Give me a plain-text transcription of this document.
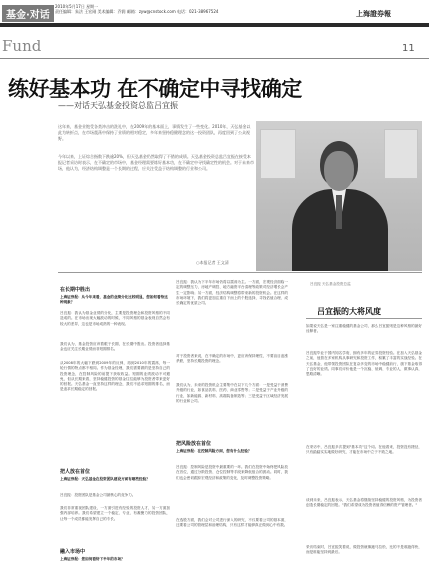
基金·对话
2010年5月17日 星期一
责任编辑：朱法 王宏刚 美术编辑：乔润 邮箱：zyw@cnstock.com 电话：021-38967524	上海證券報
Fund	11
练好基本功 在不确定中寻找确定
——对话天弘基金投资总监吕宜振
这年来，基金业饱受各类冲击的洗礼中，在2009年的基本面上，事情发生了一些变化。2010年，天弘基金以此为转折点，在市场震荡中保持了业绩的相对稳定，多年来坚持稳健理念的这一投资团队，再度回到了公众视野。
今年以来，上证综合指数下跌逾20%，但天弘基金仍然取得了不错的成绩。天弘基金投资总监吕宜振在接受本报记者采访时表示，在不确定的市场中，基金经理需要练好基本功，在不确定中寻找确定性的机会。对于未来市场，他认为，经济结构调整是一个长期的过程，应关注受益于结构调整的行业和公司。
○本报记者 王文清
在长期中胜出
上海证券报：从今年来看，基金的业绩分化比较明显，您如何看待这种现象？
吕宜振：我认为基金业绩的分化，主要是投资理念和投资风格的不同造成的。在市场出现大幅波动的时候，不同风格的基金表现自然会有较大的差异，这也是市场成熟的一种表现。
我们认为，基金投资应该着眼于长期，在长期中胜出。投资者选择基金也应关注长期业绩而非短期排名。
从2008年的大幅下跌到2009年的反弹，再到2010年的震荡，每一轮行情的特点都不相同。作为基金经理，我们需要做的是坚持自己的投资理念，在控制风险的前提下获取收益。短期的业绩波动不可避免，但从长期来看，坚持稳健投资的基金往往能够为投资者带来更好的回报。天弘基金一直坚持这样的理念，我们不追求短期的排名，而是追求长期稳定的回报。
把人放在首位
上海证券报：天弘基金在投资团队建设方面有哪些经验？
吕宜振：投资团队是基金公司最核心的竞争力。
我们非常重视团队建设，一方面引进有经验的投资人才，另一方面加强内部培养。我们希望建立一个稳定、专业、有凝聚力的投资团队，让每一个成员都能发挥自己的专长。
融入市场中
上海证券报：您如何看待下半年的市场？
吕宜振：我认为下半年市场仍将以震荡为主。一方面，宏观经济面临一定的调整压力，房地产调控、地方融资平台清理等政策对经济增长会产生一定影响；另一方面，经济结构调整将带来新的投资机会。在这样的市场环境下，我们将更加注重自下而上的个股选择，寻找估值合理、成长确定的优质公司。
对于投资者来说，在不确定的市场中，更应该保持理性，不要盲目追涨杀跌，坚持长期投资的理念。
我们认为，未来的投资机会主要集中在以下几个方面：一是受益于消费升级的行业，如食品饮料、医药、商业零售等；二是受益于产业升级的行业，如新能源、新材料、高端装备制造等；三是受益于区域经济发展的行业和公司。
把风险放在首位
上海证券报：在控制风险方面，您有什么经验？
吕宜振：控制风险是投资中最重要的一环。我们在投资中始终把风险放在首位，通过分散投资、仓位控制等手段来降低组合的波动。同时，我们也会密切跟踪宏观经济和政策的变化，及时调整投资策略。
在选股方面，我们会对公司进行深入的研究，不仅要看公司的基本面，还要看公司的管理层和治理结构，只有这样才能够真正做到心中有数。
吕宜振 天弘基金投资总监
吕宜振的大将风度
如果说天弘是一家注重稳健的基金公司，那么吕宜振则是这种风格的最好诠释者。
吕宜振毕业于国内知名学府，拥有多年的证券投资经验。在加入天弘基金之前，他曾在多家机构从事研究和投资工作，积累了丰富的实战经验。在天弘基金，他带领投资团队在复杂多变的市场中稳健前行，旗下基金取得了良好的业绩。同事们评价他是一个沉稳、低调、专业的人，做事认真，思路清晰。
在采访中，吕宜振多次提到"基本功"这个词。在他看来，投资没有捷径，只有踏踏实实地做好研究，才能在市场中立于不败之地。
谈到未来，吕宜振表示，天弘基金将继续坚持稳健的投资风格，为投资者创造长期稳定的回报。"我们希望成为投资者值得信赖的资产管理者。"
采访结束时，吕宜振笑着说，做投资就像跑马拉松，比的不是谁跑得快，而是谁能坚持到最后。
